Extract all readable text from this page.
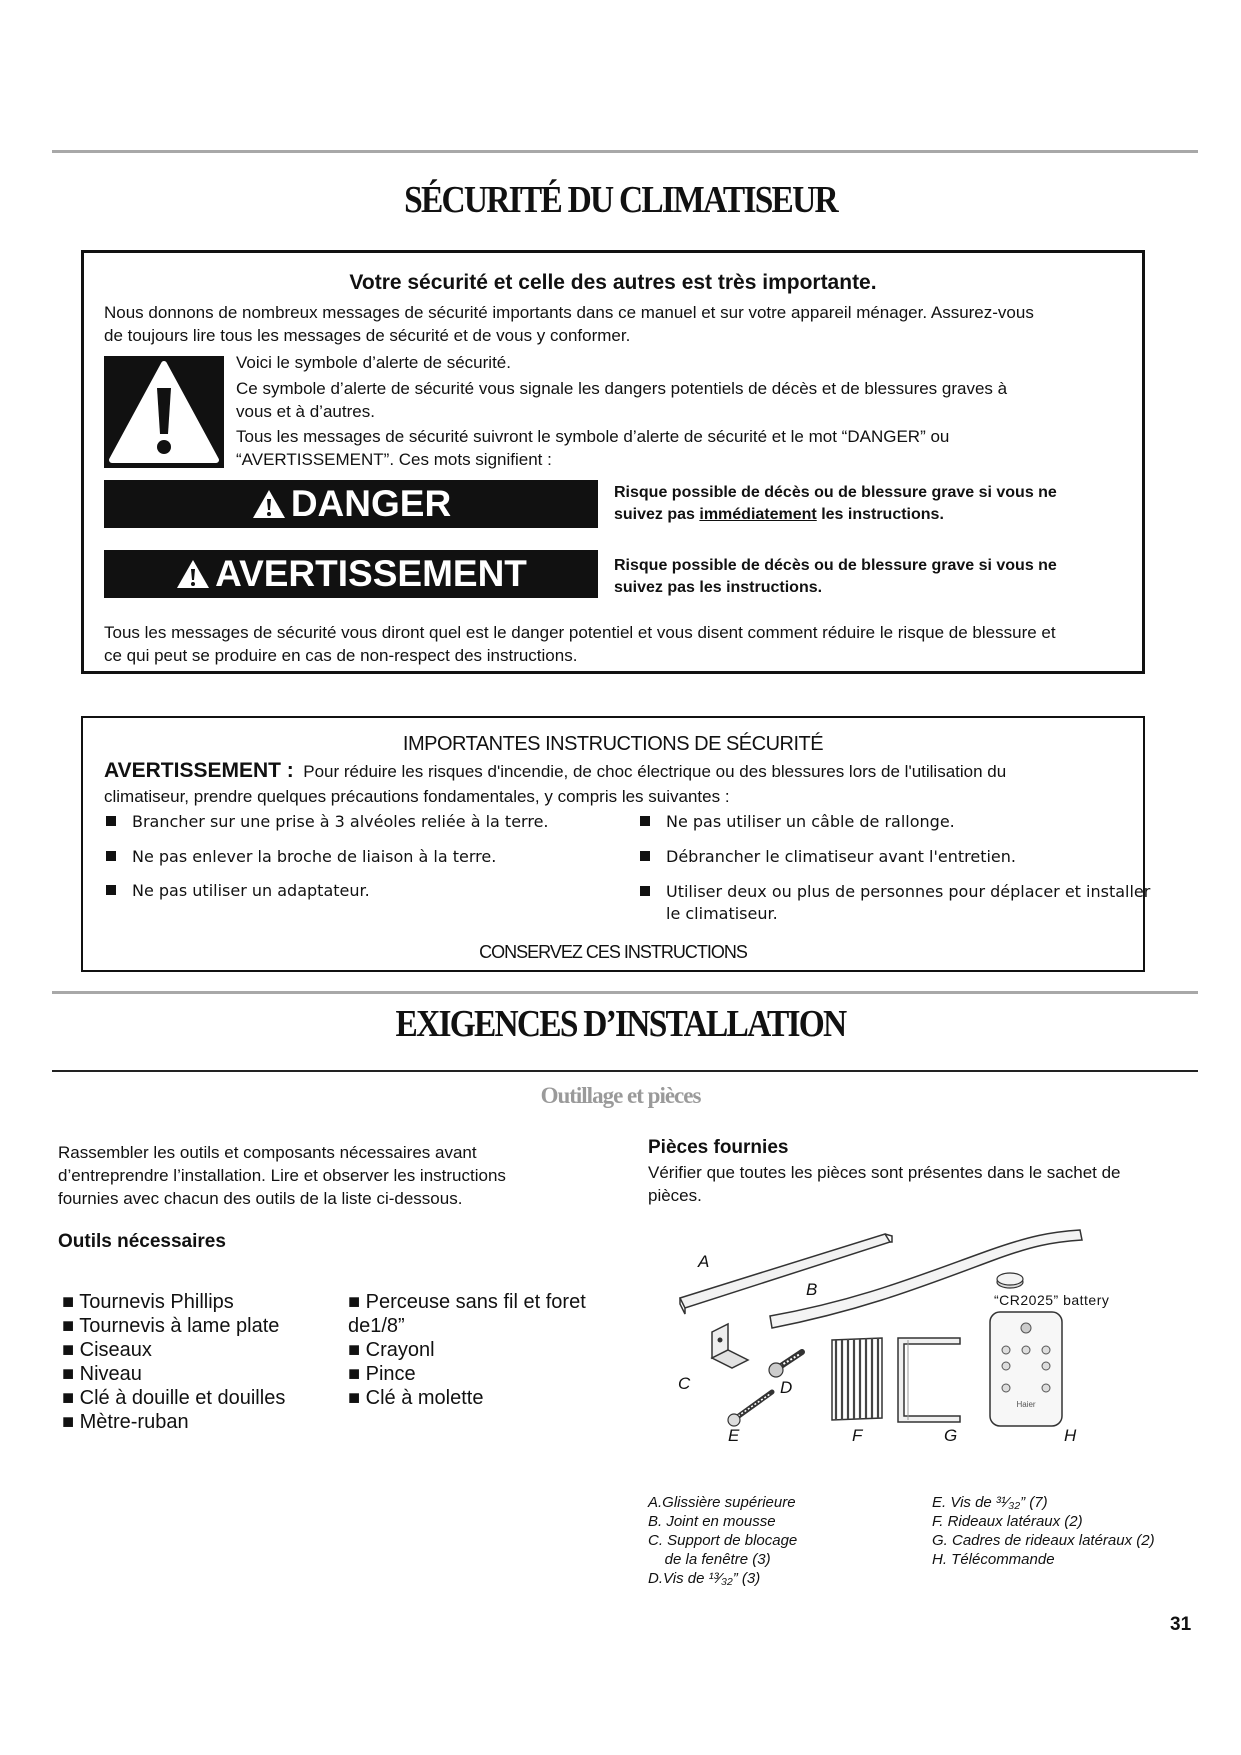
SÉCURITÉ DU CLIMATISEUR
Votre sécurité et celle des autres est très importante.
Nous donnons de nombreux messages de sécurité importants dans ce manuel et sur votre appareil ménager. Assurez-vous
de toujours lire tous les messages de sécurité et de vous y conformer.
Voici le symbole d’alerte de sécurité.
Ce symbole d’alerte de sécurité vous signale les dangers potentiels de décès et de blessures graves à
vous et à d’autres.
Tous les messages de sécurité suivront le symbole d’alerte de sécurité et le mot “DANGER” ou
“AVERTISSEMENT”. Ces mots signifient :
DANGER	Risque possible de décès ou de blessure grave si vous ne
suivez pas immédiatement les instructions.
AVERTISSEMENT	Risque possible de décès ou de blessure grave si vous ne
suivez pas les instructions.
Tous les messages de sécurité vous diront quel est le danger potentiel et vous disent comment réduire le risque de blessure et
ce qui peut se produire en cas de non-respect des instructions.
IMPORTANTES INSTRUCTIONS DE SÉCURITÉ
AVERTISSEMENT : Pour réduire les risques d'incendie, de choc électrique ou des blessures lors de l'utilisation du
climatiseur, prendre quelques précautions fondamentales, y compris les suivantes :
Brancher sur une prise à 3 alvéoles reliée à la terre.
Ne pas enlever la broche de liaison à la terre.
Ne pas utiliser un adaptateur.
Ne pas utiliser un câble de rallonge.
Débrancher le climatiseur avant l'entretien.
Utiliser deux ou plus de personnes pour déplacer et installer
le climatiseur.
CONSERVEZ CES INSTRUCTIONS
EXIGENCES D’INSTALLATION
Outillage et pièces
Rassembler les outils et composants nécessaires avant
d’entreprendre l’installation. Lire et observer les instructions
fournies avec chacun des outils de la liste ci-dessous.
Outils nécessaires
■ Tournevis Phillips
■ Tournevis à lame plate
■ Ciseaux
■ Niveau
■ Clé à douille et douilles
■ Mètre-ruban
■ Perceuse sans fil et foret
de1/8”
■ Crayonl
■ Pince
■ Clé à molette
Pièces fournies
Vérifier que toutes les pièces sont présentes dans le sachet de
pièces.
Haier
“CR2025” battery
A
B
C	D
E	F	G	H
A.Glissière supérieure
B. Joint en mousse
C. Support de blocage
de la fenêtre (3)
D.Vis de ¹³⁄₃₂” (3)
E. Vis de ³¹⁄₃₂” (7)
F. Rideaux latéraux (2)
G. Cadres de rideaux latéraux (2)
H. Télécommande
31
